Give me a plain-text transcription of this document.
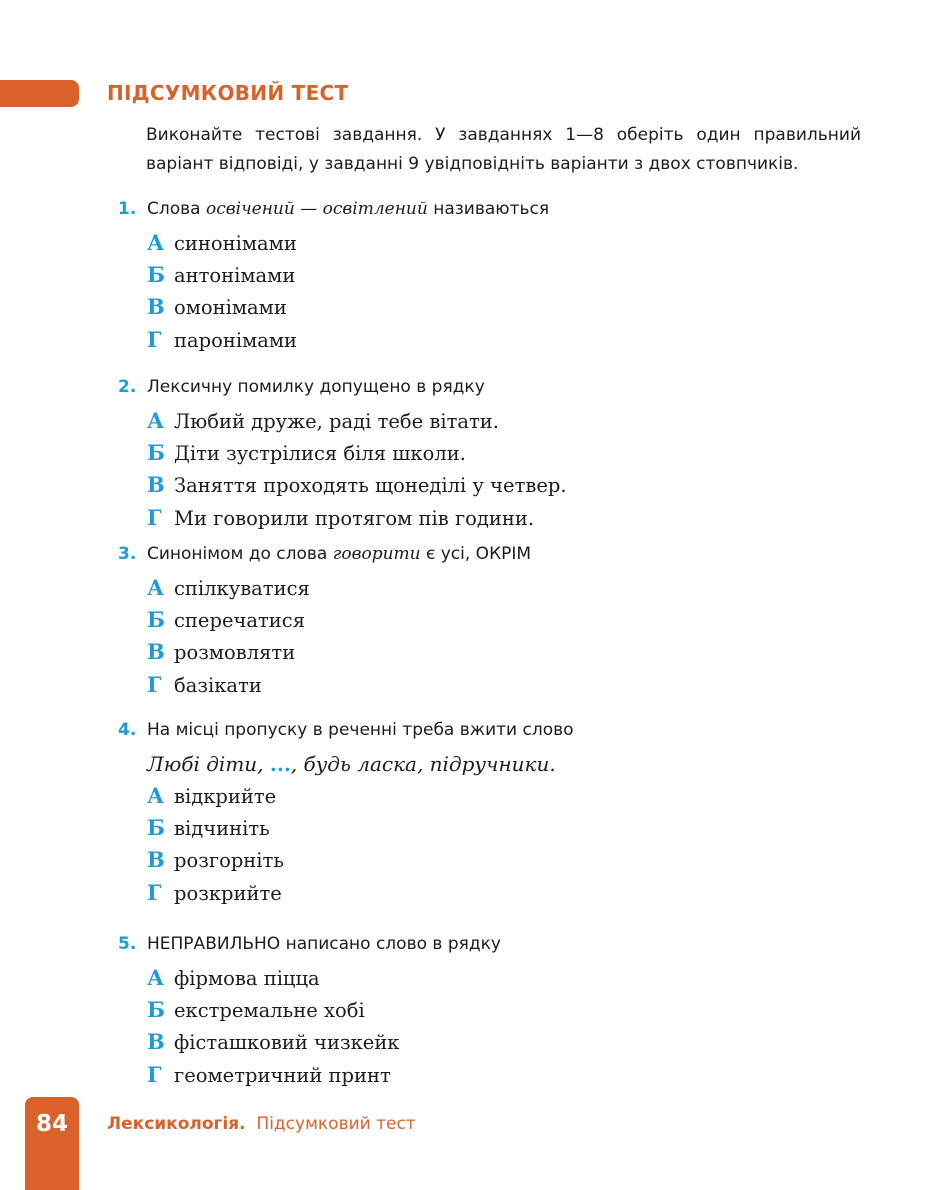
ПІДСУМКОВИЙ ТЕСТ
Виконайте тестові завдання. У завданнях 1—8 оберіть один правильний варіант відповіді, у завданні 9 увідповідніть варіанти з двох стовпчиків.
1. Слова освічений — освітлений називаються
А синонімами
Б антонімами
В омонімами
Г паронімами
2. Лексичну помилку допущено в рядку
А Любий друже, раді тебе вітати.
Б Діти зустрілися біля школи.
В Заняття проходять щонеділі у четвер.
Г Ми говорили протягом пів години.
3. Синонімом до слова говорити є усі, ОКРІМ
А спілкуватися
Б сперечатися
В розмовляти
Г базікати
4. На місці пропуску в реченні треба вжити слово
Любі діти, ..., будь ласка, підручники.
А відкрийте
Б відчиніть
В розгорніть
Г розкрийте
5. НЕПРАВИЛЬНО написано слово в рядку
А фірмова піцца
Б екстремальне хобі
В фісташковий чизкейк
Г геометричний принт
84	Лексикологія. Підсумковий тест
